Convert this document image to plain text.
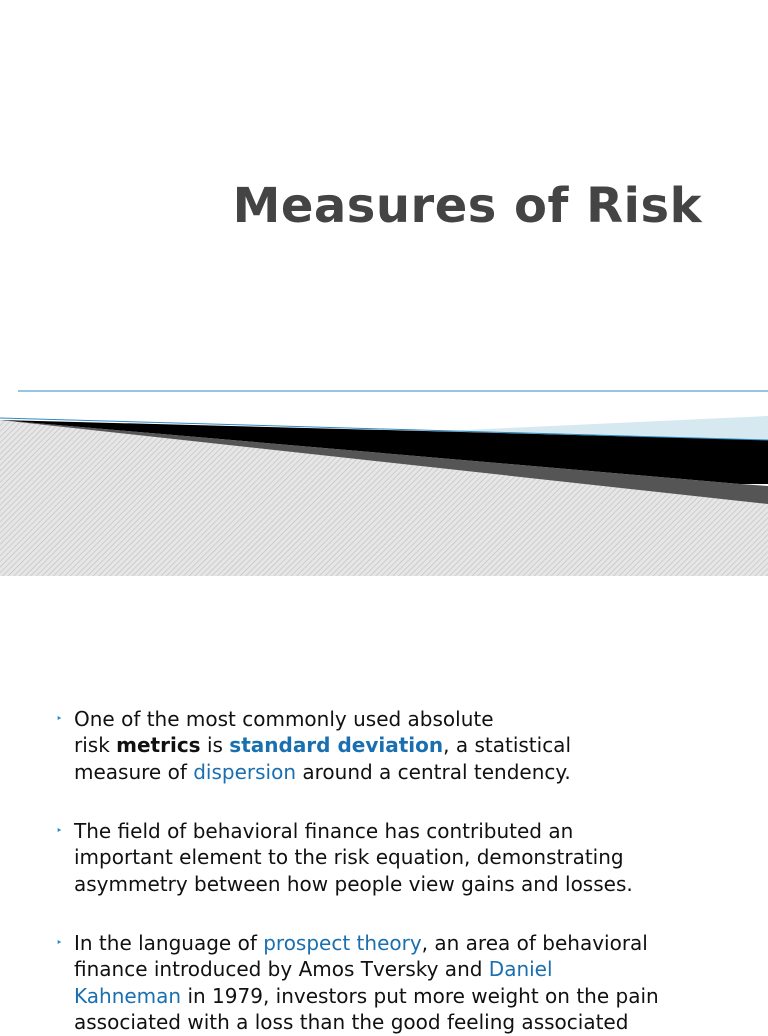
Measures of Risk
‣ One of the most commonly used absolute
risk metrics is standard deviation, a statistical
measure of dispersion around a central tendency.

‣ The field of behavioral finance has contributed an
important element to the risk equation, demonstrating
asymmetry between how people view gains and losses.

‣ In the language of prospect theory, an area of behavioral
finance introduced by Amos Tversky and Daniel
Kahneman in 1979, investors put more weight on the pain
associated with a loss than the good feeling associated
